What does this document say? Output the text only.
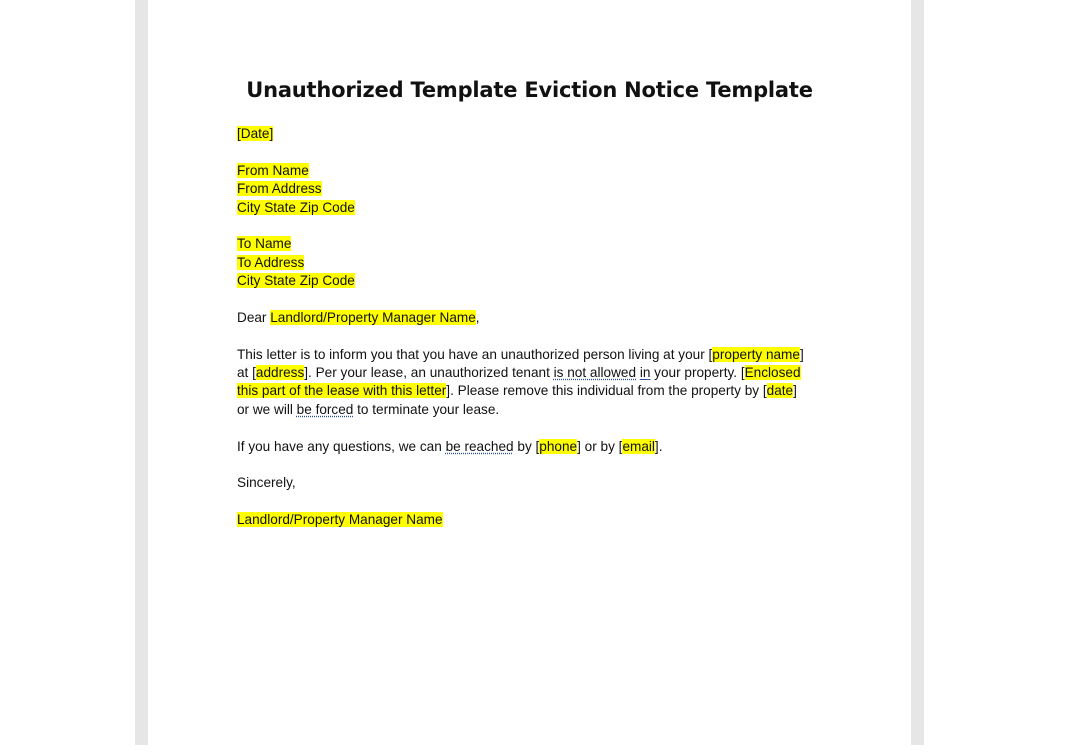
Unauthorized Template Eviction Notice Template
[Date]
From Name
From Address
City State Zip Code
To Name
To Address
City State Zip Code
Dear Landlord/Property Manager Name,
This letter is to inform you that you have an unauthorized person living at your [property name]
at [address]. Per your lease, an unauthorized tenant is not allowed in your property. [Enclosed
this part of the lease with this letter]. Please remove this individual from the property by [date]
or we will be forced to terminate your lease.
If you have any questions, we can be reached by [phone] or by [email].
Sincerely,
Landlord/Property Manager Name
